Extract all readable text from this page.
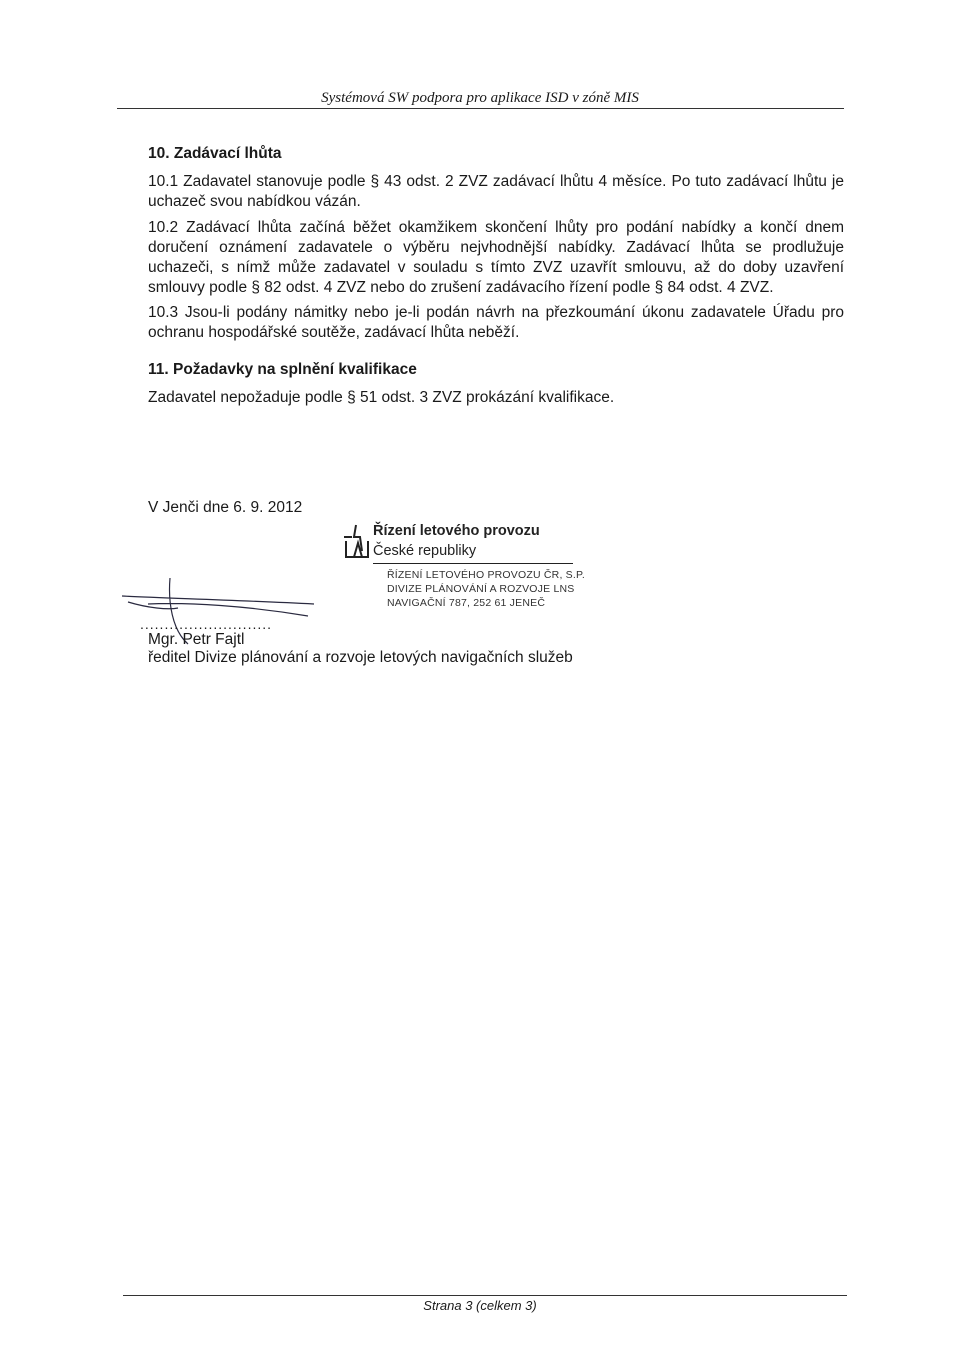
Systémová SW podpora pro aplikace ISD v zóně MIS
10. Zadávací lhůta
10.1 Zadavatel stanovuje podle § 43 odst. 2 ZVZ zadávací lhůtu 4 měsíce. Po tuto zadávací lhůtu je uchazeč svou nabídkou vázán.
10.2 Zadávací lhůta začíná běžet okamžikem skončení lhůty pro podání nabídky a končí dnem doručení oznámení zadavatele o výběru nejvhodnější nabídky. Zadávací lhůta se prodlužuje uchazeči, s nímž může zadavatel v souladu s tímto ZVZ uzavřít smlouvu, až do doby uzavření smlouvy podle § 82 odst. 4 ZVZ nebo do zrušení zadávacího řízení podle § 84 odst. 4 ZVZ.
10.3 Jsou-li podány námitky nebo je-li podán návrh na přezkoumání úkonu zadavatele Úřadu pro ochranu hospodářské soutěže, zadávací lhůta neběží.
11. Požadavky na splnění kvalifikace
Zadavatel nepožaduje podle § 51 odst. 3 ZVZ prokázání kvalifikace.
V Jenči dne 6. 9. 2012
Řízení letového provozu
České republiky
ŘÍZENÍ LETOVÉHO PROVOZU ČR, S.P.
DIVIZE PLÁNOVÁNÍ A ROZVOJE LNS
NAVIGAČNÍ 787, 252 61 JENEČ
...........................
Mgr. Petr Fajtl
ředitel Divize plánování a rozvoje letových navigačních služeb
Strana 3 (celkem 3)
